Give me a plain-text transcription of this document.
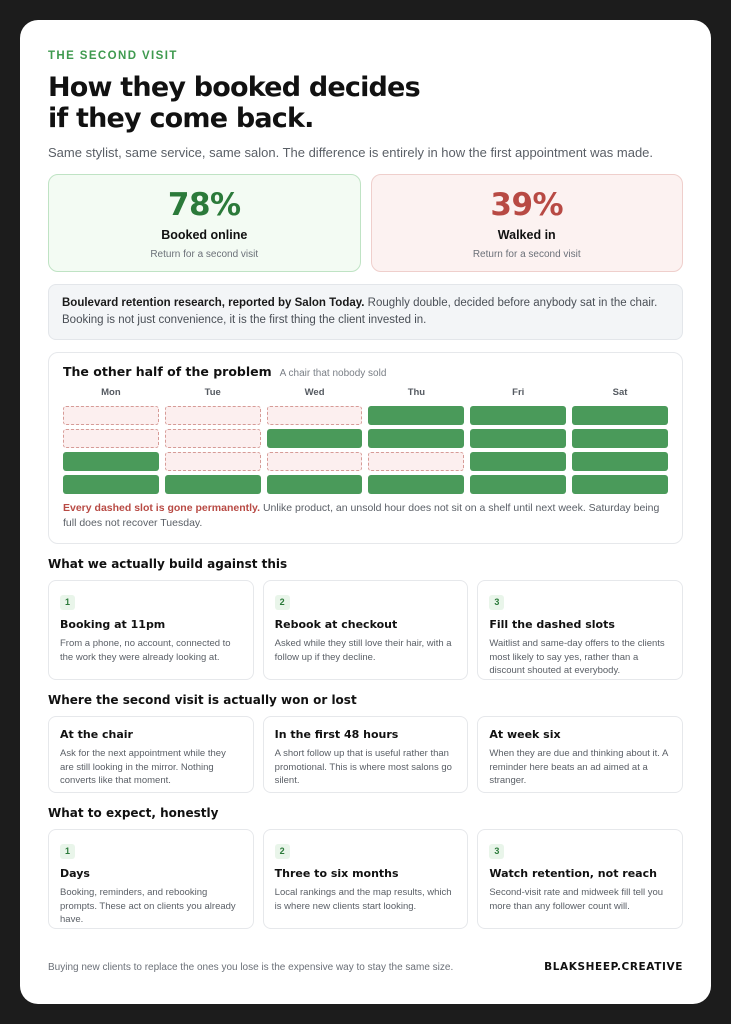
THE SECOND VISIT
How they booked decides
if they come back.

Same stylist, same service, same salon. The difference is entirely in how the first appointment was made.

78%
Booked online
Return for a second visit
39%
Walked in
Return for a second visit
Boulevard retention research, reported by Salon Today. Roughly double, decided before anybody sat in the chair. Booking is not just convenience, it is the first thing the client invested in.
The other half of the problem A chair that nobody sold
Mon	Tue	Wed	Thu	Fri	Sat
Every dashed slot is gone permanently. Unlike product, an unsold hour does not sit on a shelf until next week. Saturday being full does not recover Tuesday.
What we actually build against this
1
Booking at 11pm
From a phone, no account, connected to the work they were already looking at.
2
Rebook at checkout
Asked while they still love their hair, with a follow up if they decline.
3
Fill the dashed slots
Waitlist and same-day offers to the clients most likely to say yes, rather than a discount shouted at everybody.
Where the second visit is actually won or lost
At the chair
Ask for the next appointment while they are still looking in the mirror. Nothing converts like that moment.
In the first 48 hours
A short follow up that is useful rather than promotional. This is where most salons go silent.
At week six
When they are due and thinking about it. A reminder here beats an ad aimed at a stranger.
What to expect, honestly
1
Days
Booking, reminders, and rebooking prompts. These act on clients you already have.
2
Three to six months
Local rankings and the map results, which is where new clients start looking.
3
Watch retention, not reach
Second-visit rate and midweek fill tell you more than any follower count will.
Buying new clients to replace the ones you lose is the expensive way to stay the same size.	BLAKSHEEP.CREATIVE
